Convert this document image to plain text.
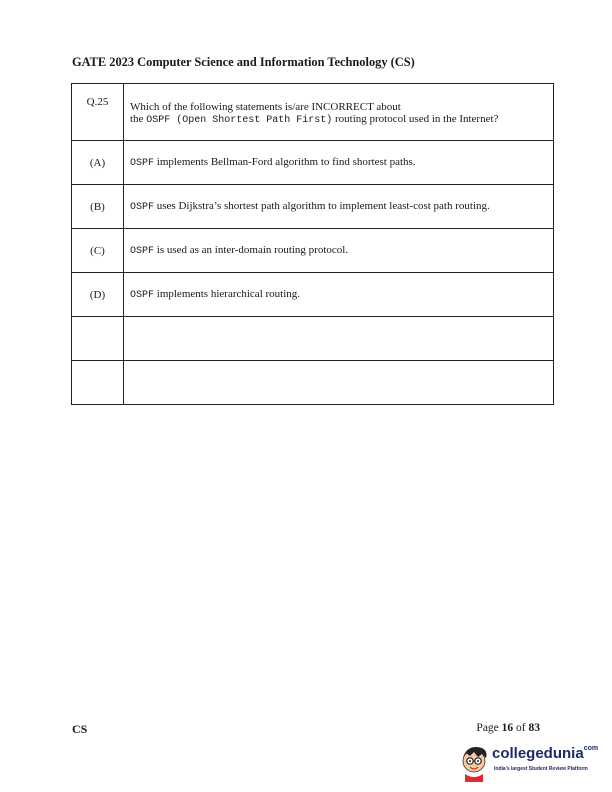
GATE 2023 Computer Science and Information Technology (CS)
Q.25	Which of the following statements is/are INCORRECT about
the OSPF (Open Shortest Path First) routing protocol used in the Internet?

(A)	OSPF implements Bellman-Ford algorithm to find shortest paths.
(B)	OSPF uses Dijkstra’s shortest path algorithm to implement least-cost path routing.
(C)	OSPF is used as an inter-domain routing protocol.
(D)	OSPF implements hierarchical routing.

CS	Page 16 of 83
collegedunia$^{com}$
India's largest Student Review Platform
